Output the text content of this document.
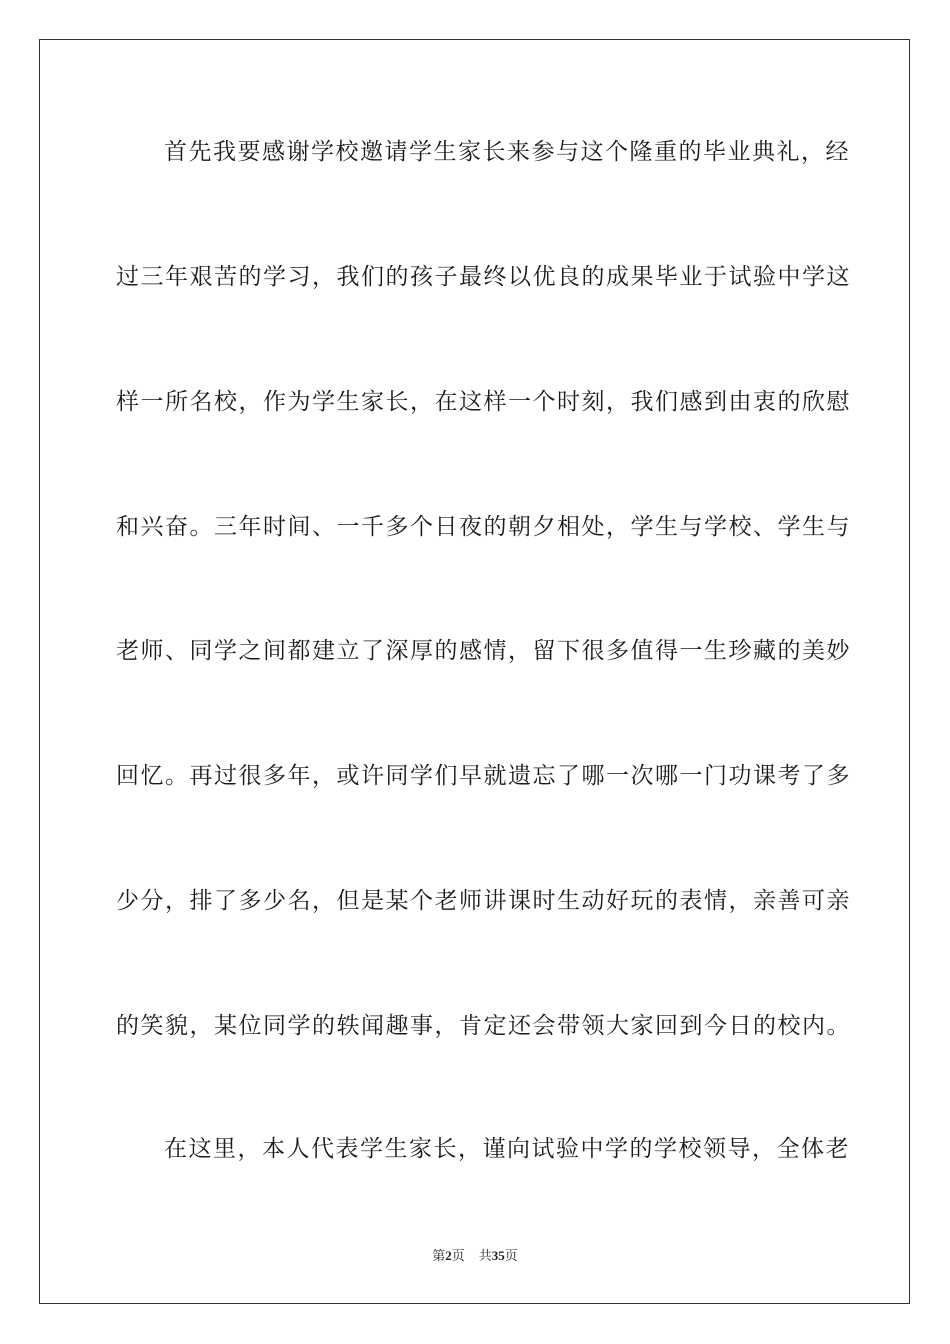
首先我要感谢学校邀请学生家长来参与这个隆重的毕业典礼，经
过三年艰苦的学习，我们的孩子最终以优良的成果毕业于试验中学这
样一所名校，作为学生家长，在这样一个时刻，我们感到由衷的欣慰
和兴奋。三年时间、一千多个日夜的朝夕相处，学生与学校、学生与
老师、同学之间都建立了深厚的感情，留下很多值得一生珍藏的美妙
回忆。再过很多年，或许同学们早就遗忘了哪一次哪一门功课考了多
少分，排了多少名，但是某个老师讲课时生动好玩的表情，亲善可亲
的笑貌，某位同学的轶闻趣事，肯定还会带领大家回到今日的校内。
在这里，本人代表学生家长，谨向试验中学的学校领导，全体老
第2页 共35页
